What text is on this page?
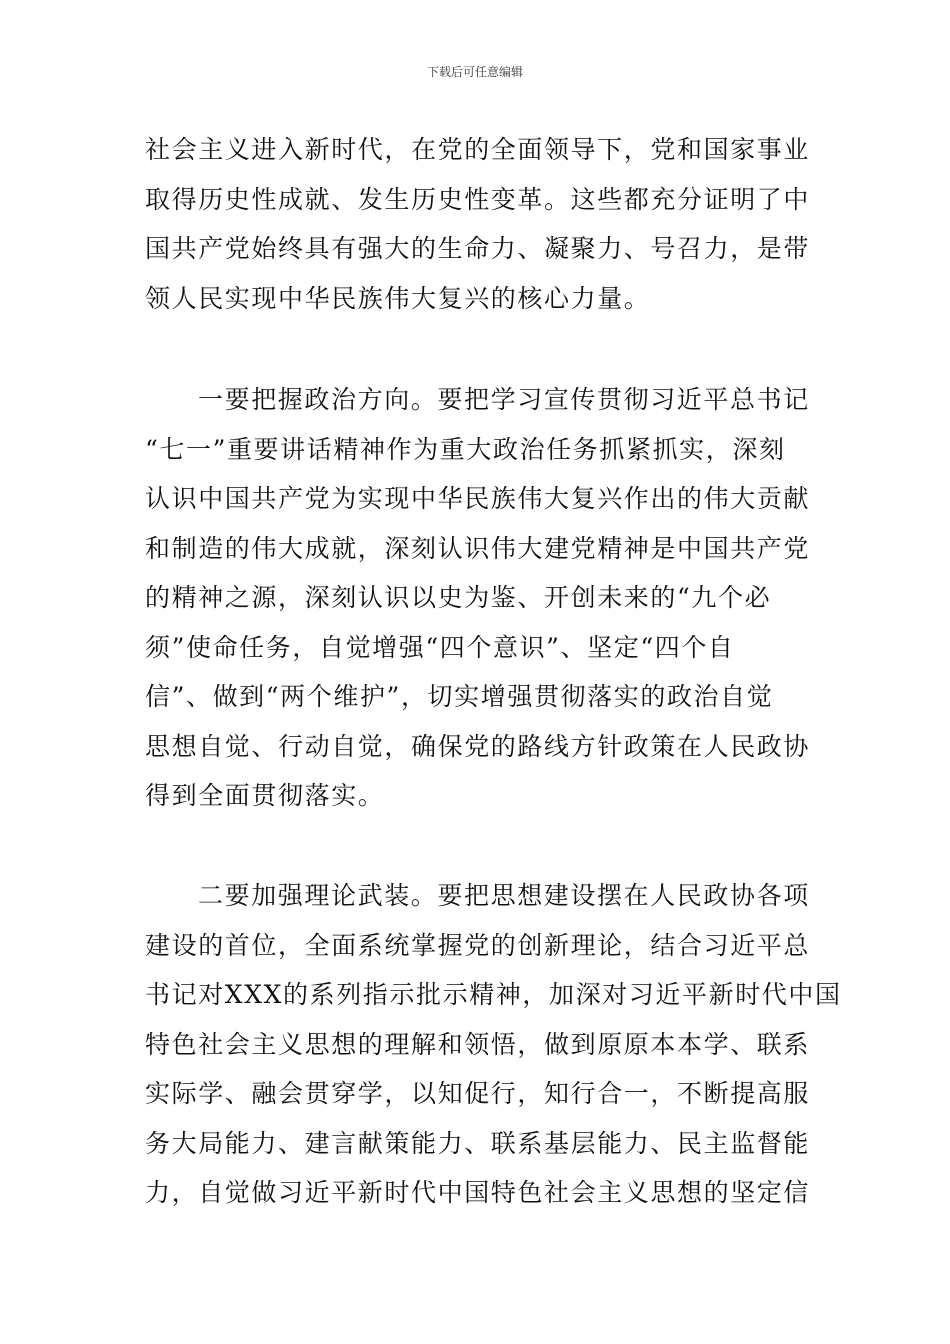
下载后可任意编辑
社会主义进入新时代，在党的全面领导下，党和国家事业
取得历史性成就、发生历史性变革。这些都充分证明了中
国共产党始终具有强大的生命力、凝聚力、号召力，是带
领人民实现中华民族伟大复兴的核心力量。
一要把握政治方向。要把学习宣传贯彻习近平总书记
“七一”重要讲话精神作为重大政治任务抓紧抓实，深刻
认识中国共产党为实现中华民族伟大复兴作出的伟大贡献
和制造的伟大成就，深刻认识伟大建党精神是中国共产党
的精神之源，深刻认识以史为鉴、开创未来的“九个必
须”使命任务，自觉增强“四个意识”、坚定“四个自
信”、做到“两个维护”，切实增强贯彻落实的政治自觉
思想自觉、行动自觉，确保党的路线方针政策在人民政协
得到全面贯彻落实。
二要加强理论武装。要把思想建设摆在人民政协各项
建设的首位，全面系统掌握党的创新理论，结合习近平总
书记对XXX的系列指示批示精神，加深对习近平新时代中国
特色社会主义思想的理解和领悟，做到原原本本学、联系
实际学、融会贯穿学，以知促行，知行合一，不断提高服
务大局能力、建言献策能力、联系基层能力、民主监督能
力，自觉做习近平新时代中国特色社会主义思想的坚定信
